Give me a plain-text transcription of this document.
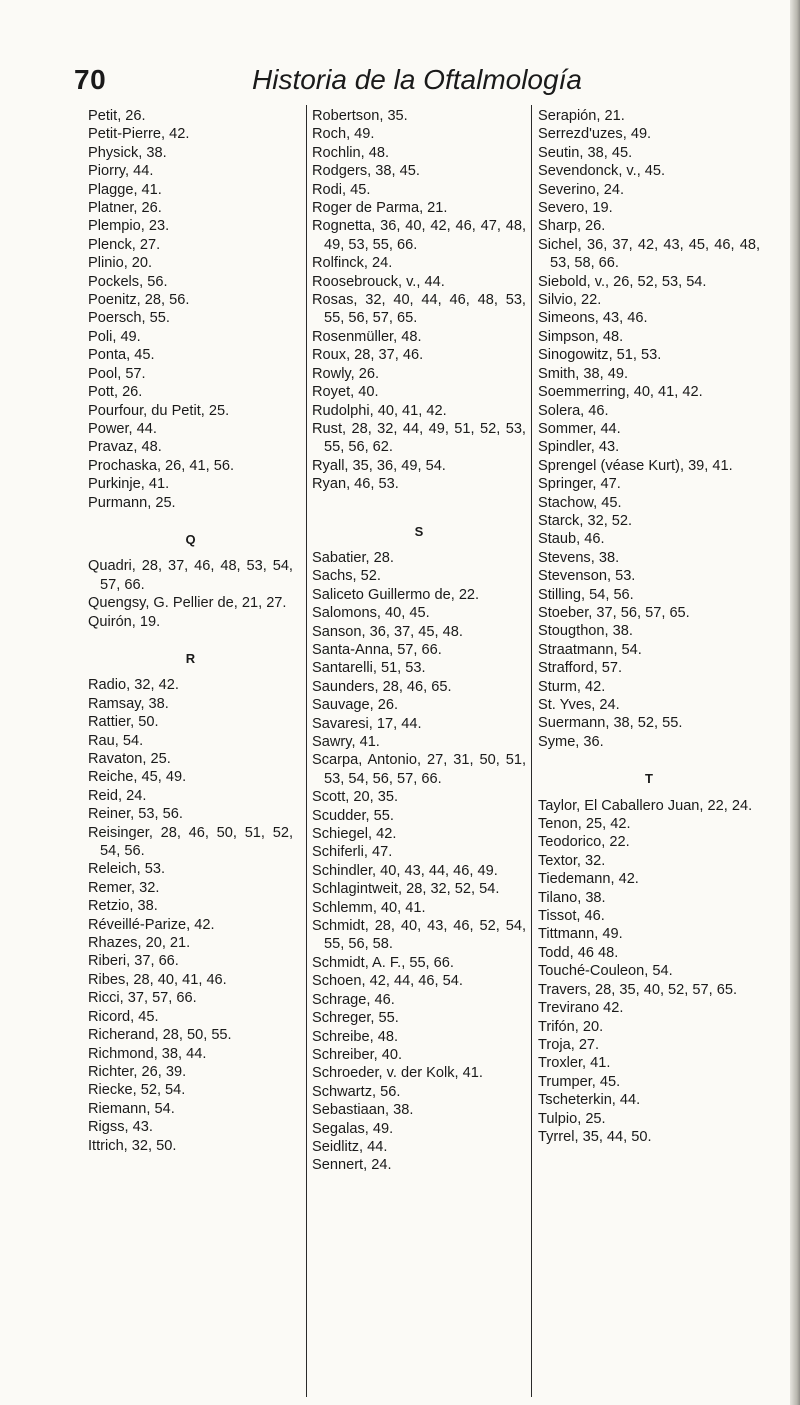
70	Historia de la Oftalmología
Petit, 26.
Petit-Pierre, 42.
Physick, 38.
Piorry, 44.
Plagge, 41.
Platner, 26.
Plempio, 23.
Plenck, 27.
Plinio, 20.
Pockels, 56.
Poenitz, 28, 56.
Poersch, 55.
Poli, 49.
Ponta, 45.
Pool, 57.
Pott, 26.
Pourfour, du Petit, 25.
Power, 44.
Pravaz, 48.
Prochaska, 26, 41, 56.
Purkinje, 41.
Purmann, 25.
Q
Quadri, 28, 37, 46, 48, 53, 54, 57, 66.
Quengsy, G. Pellier de, 21, 27.
Quirón, 19.
R
Radio, 32, 42.
Ramsay, 38.
Rattier, 50.
Rau, 54.
Ravaton, 25.
Reiche, 45, 49.
Reid, 24.
Reiner, 53, 56.
Reisinger, 28, 46, 50, 51, 52, 54, 56.
Releich, 53.
Remer, 32.
Retzio, 38.
Réveillé-Parize, 42.
Rhazes, 20, 21.
Riberi, 37, 66.
Ribes, 28, 40, 41, 46.
Ricci, 37, 57, 66.
Ricord, 45.
Richerand, 28, 50, 55.
Richmond, 38, 44.
Richter, 26, 39.
Riecke, 52, 54.
Riemann, 54.
Rigss, 43.
Ittrich, 32, 50.
Robertson, 35.
Roch, 49.
Rochlin, 48.
Rodgers, 38, 45.
Rodi, 45.
Roger de Parma, 21.
Rognetta, 36, 40, 42, 46, 47, 48, 49, 53, 55, 66.
Rolfinck, 24.
Roosebrouck, v., 44.
Rosas, 32, 40, 44, 46, 48, 53, 55, 56, 57, 65.
Rosenmüller, 48.
Roux, 28, 37, 46.
Rowly, 26.
Royet, 40.
Rudolphi, 40, 41, 42.
Rust, 28, 32, 44, 49, 51, 52, 53, 55, 56, 62.
Ryall, 35, 36, 49, 54.
Ryan, 46, 53.
S
Sabatier, 28.
Sachs, 52.
Saliceto Guillermo de, 22.
Salomons, 40, 45.
Sanson, 36, 37, 45, 48.
Santa-Anna, 57, 66.
Santarelli, 51, 53.
Saunders, 28, 46, 65.
Sauvage, 26.
Savaresi, 17, 44.
Sawry, 41.
Scarpa, Antonio, 27, 31, 50, 51, 53, 54, 56, 57, 66.
Scott, 20, 35.
Scudder, 55.
Schiegel, 42.
Schiferli, 47.
Schindler, 40, 43, 44, 46, 49.
Schlagintweit, 28, 32, 52, 54.
Schlemm, 40, 41.
Schmidt, 28, 40, 43, 46, 52, 54, 55, 56, 58.
Schmidt, A. F., 55, 66.
Schoen, 42, 44, 46, 54.
Schrage, 46.
Schreger, 55.
Schreibe, 48.
Schreiber, 40.
Schroeder, v. der Kolk, 41.
Schwartz, 56.
Sebastiaan, 38.
Segalas, 49.
Seidlitz, 44.
Sennert, 24.
Serapión, 21.
Serrezd'uzes, 49.
Seutin, 38, 45.
Sevendonck, v., 45.
Severino, 24.
Severo, 19.
Sharp, 26.
Sichel, 36, 37, 42, 43, 45, 46, 48, 53, 58, 66.
Siebold, v., 26, 52, 53, 54.
Silvio, 22.
Simeons, 43, 46.
Simpson, 48.
Sinogowitz, 51, 53.
Smith, 38, 49.
Soemmerring, 40, 41, 42.
Solera, 46.
Sommer, 44.
Spindler, 43.
Sprengel (véase Kurt), 39, 41.
Springer, 47.
Stachow, 45.
Starck, 32, 52.
Staub, 46.
Stevens, 38.
Stevenson, 53.
Stilling, 54, 56.
Stoeber, 37, 56, 57, 65.
Stougthon, 38.
Straatmann, 54.
Strafford, 57.
Sturm, 42.
St. Yves, 24.
Suermann, 38, 52, 55.
Syme, 36.
T
Taylor, El Caballero Juan, 22, 24.
Tenon, 25, 42.
Teodorico, 22.
Textor, 32.
Tiedemann, 42.
Tilano, 38.
Tissot, 46.
Tittmann, 49.
Todd, 46 48.
Touché-Couleon, 54.
Travers, 28, 35, 40, 52, 57, 65.
Trevirano 42.
Trifón, 20.
Troja, 27.
Troxler, 41.
Trumper, 45.
Tscheterkin, 44.
Tulpio, 25.
Tyrrel, 35, 44, 50.
